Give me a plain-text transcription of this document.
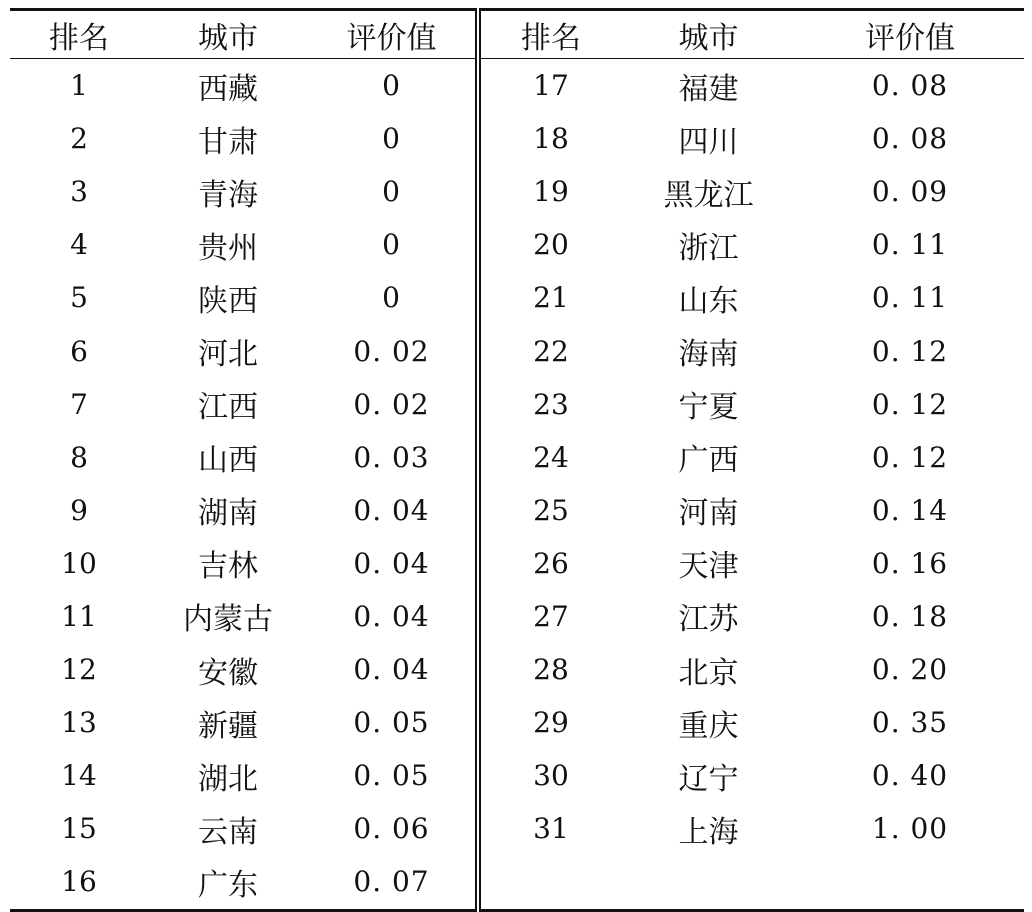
排名	城市	评价值	排名	城市	评价值
1	西藏	0	17	福建	0. 08
2	甘肃	0	18	四川	0. 08
3	青海	0	19	黑龙江	0. 09
4	贵州	0	20	浙江	0. 11
5	陕西	0	21	山东	0. 11
6	河北	0. 02	22	海南	0. 12
7	江西	0. 02	23	宁夏	0. 12
8	山西	0. 03	24	广西	0. 12
9	湖南	0. 04	25	河南	0. 14
10	吉林	0. 04	26	天津	0. 16
11	内蒙古	0. 04	27	江苏	0. 18
12	安徽	0. 04	28	北京	0. 20
13	新疆	0. 05	29	重庆	0. 35
14	湖北	0. 05	30	辽宁	0. 40
15	云南	0. 06	31	上海	1. 00
16	广东	0. 07			
